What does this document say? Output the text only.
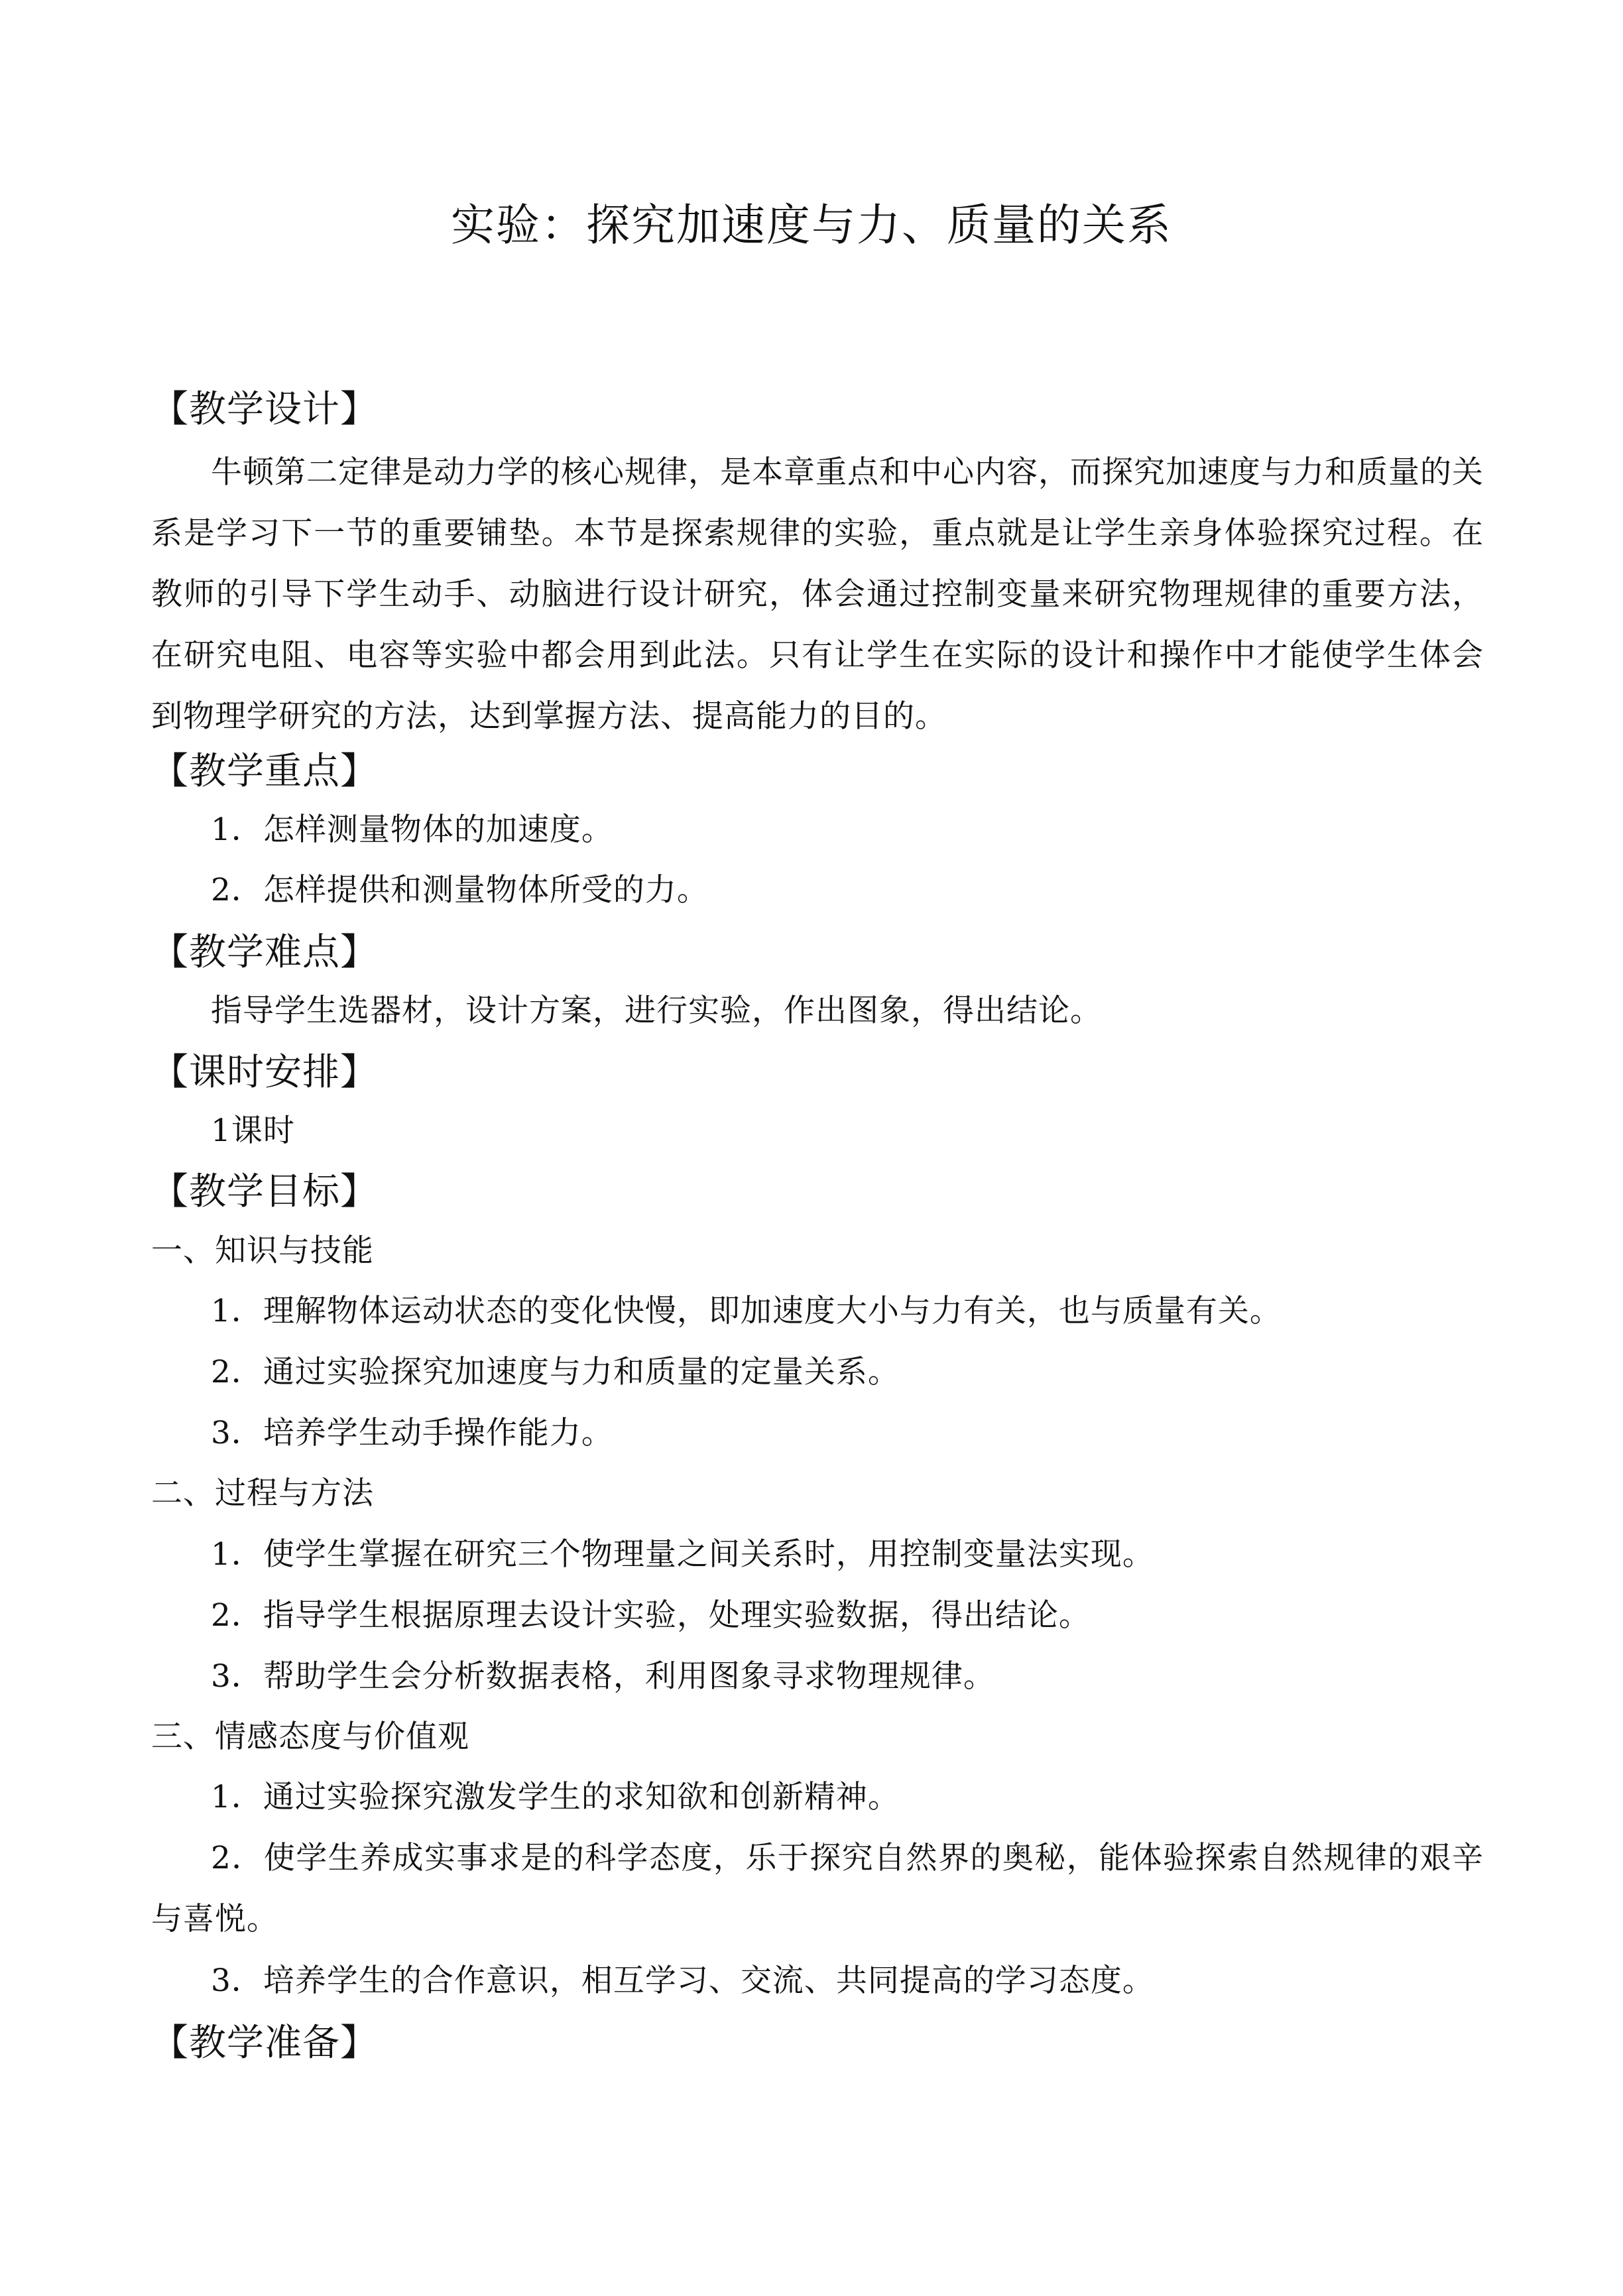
实验：探究加速度与力、质量的关系
【教学设计】
牛顿第二定律是动力学的核心规律，是本章重点和中心内容，而探究加速度与力和质量的关系是学习下一节的重要铺垫。本节是探索规律的实验，重点就是让学生亲身体验探究过程。在教师的引导下学生动手、动脑进行设计研究，体会通过控制变量来研究物理规律的重要方法，在研究电阻、电容等实验中都会用到此法。只有让学生在实际的设计和操作中才能使学生体会到物理学研究的方法，达到掌握方法、提高能力的目的。
【教学重点】
1．怎样测量物体的加速度。
2．怎样提供和测量物体所受的力。
【教学难点】
指导学生选器材，设计方案，进行实验，作出图象，得出结论。
【课时安排】
1课时
【教学目标】
一、知识与技能
1．理解物体运动状态的变化快慢，即加速度大小与力有关，也与质量有关。
2．通过实验探究加速度与力和质量的定量关系。
3．培养学生动手操作能力。
二、过程与方法
1．使学生掌握在研究三个物理量之间关系时，用控制变量法实现。
2．指导学生根据原理去设计实验，处理实验数据，得出结论。
3．帮助学生会分析数据表格，利用图象寻求物理规律。
三、情感态度与价值观
1．通过实验探究激发学生的求知欲和创新精神。
2．使学生养成实事求是的科学态度，乐于探究自然界的奥秘，能体验探索自然规律的艰辛与喜悦。
3．培养学生的合作意识，相互学习、交流、共同提高的学习态度。
【教学准备】
